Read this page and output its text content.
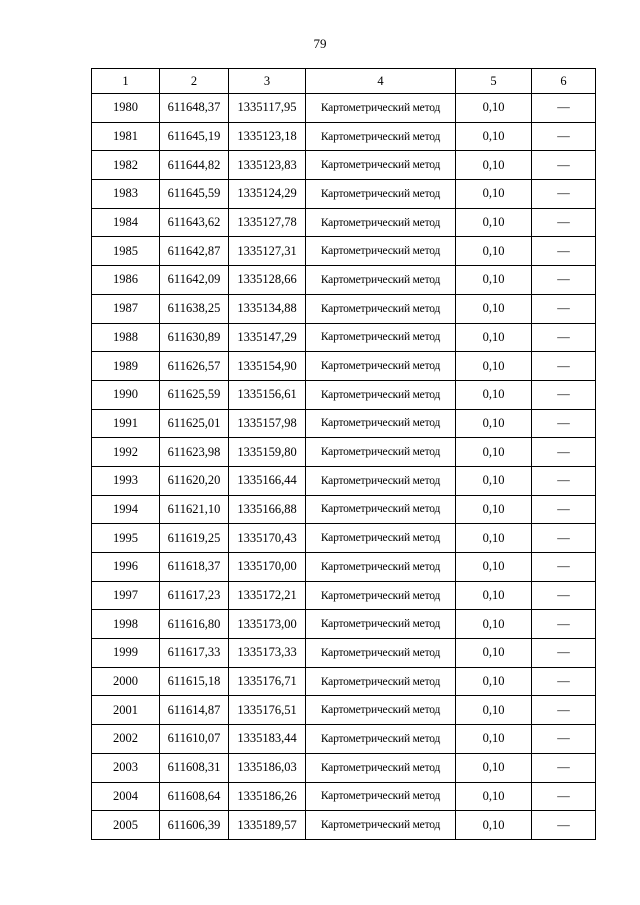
79
1	2	3	4	5	6
1980	611648,37	1335117,95	Картометрический метод	0,10	—
1981	611645,19	1335123,18	Картометрический метод	0,10	—
1982	611644,82	1335123,83	Картометрический метод	0,10	—
1983	611645,59	1335124,29	Картометрический метод	0,10	—
1984	611643,62	1335127,78	Картометрический метод	0,10	—
1985	611642,87	1335127,31	Картометрический метод	0,10	—
1986	611642,09	1335128,66	Картометрический метод	0,10	—
1987	611638,25	1335134,88	Картометрический метод	0,10	—
1988	611630,89	1335147,29	Картометрический метод	0,10	—
1989	611626,57	1335154,90	Картометрический метод	0,10	—
1990	611625,59	1335156,61	Картометрический метод	0,10	—
1991	611625,01	1335157,98	Картометрический метод	0,10	—
1992	611623,98	1335159,80	Картометрический метод	0,10	—
1993	611620,20	1335166,44	Картометрический метод	0,10	—
1994	611621,10	1335166,88	Картометрический метод	0,10	—
1995	611619,25	1335170,43	Картометрический метод	0,10	—
1996	611618,37	1335170,00	Картометрический метод	0,10	—
1997	611617,23	1335172,21	Картометрический метод	0,10	—
1998	611616,80	1335173,00	Картометрический метод	0,10	—
1999	611617,33	1335173,33	Картометрический метод	0,10	—
2000	611615,18	1335176,71	Картометрический метод	0,10	—
2001	611614,87	1335176,51	Картометрический метод	0,10	—
2002	611610,07	1335183,44	Картометрический метод	0,10	—
2003	611608,31	1335186,03	Картометрический метод	0,10	—
2004	611608,64	1335186,26	Картометрический метод	0,10	—
2005	611606,39	1335189,57	Картометрический метод	0,10	—
